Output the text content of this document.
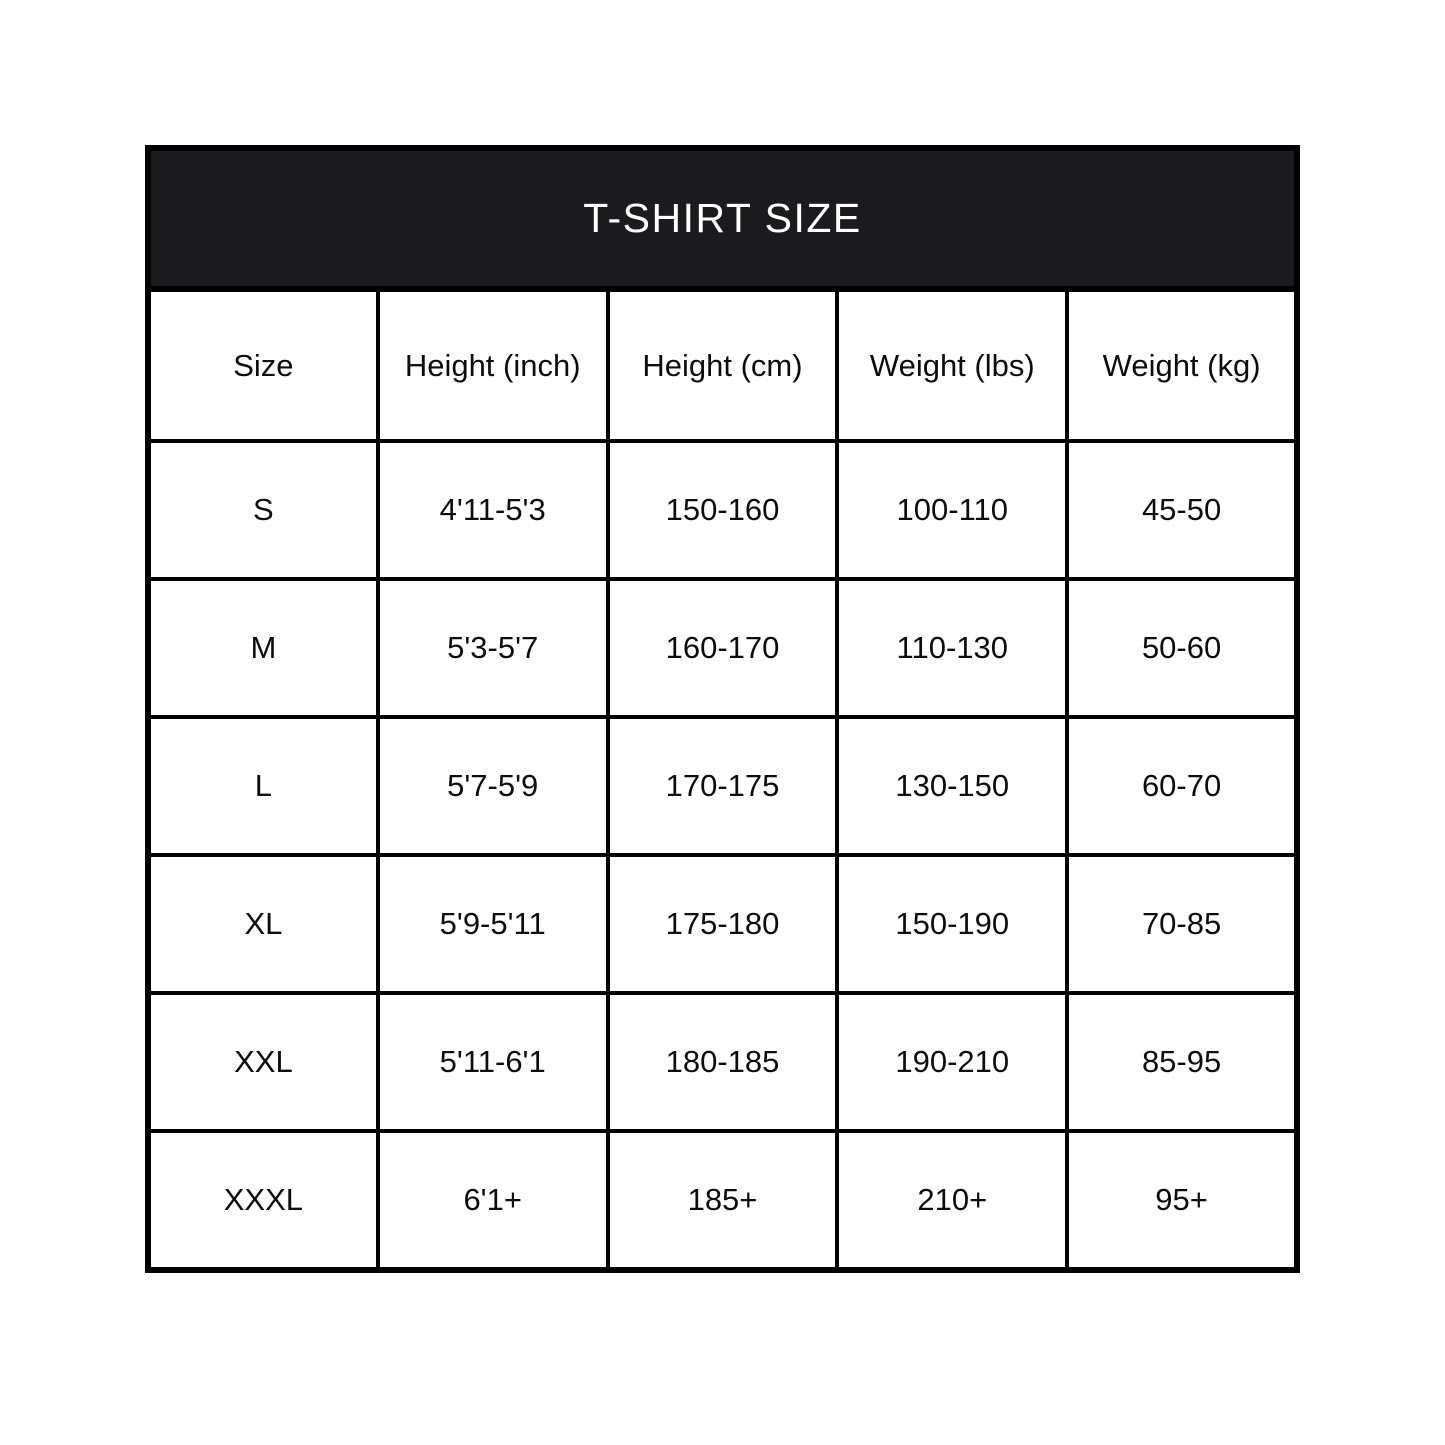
T-SHIRT SIZE				
Size	Height (inch)	Height (cm)	Weight (lbs)	Weight (kg)
S	4'11-5'3	150-160	100-110	45-50
M	5'3-5'7	160-170	110-130	50-60
L	5'7-5'9	170-175	130-150	60-70
XL	5'9-5'11	175-180	150-190	70-85
XXL	5'11-6'1	180-185	190-210	85-95
XXXL	6'1+	185+	210+	95+
